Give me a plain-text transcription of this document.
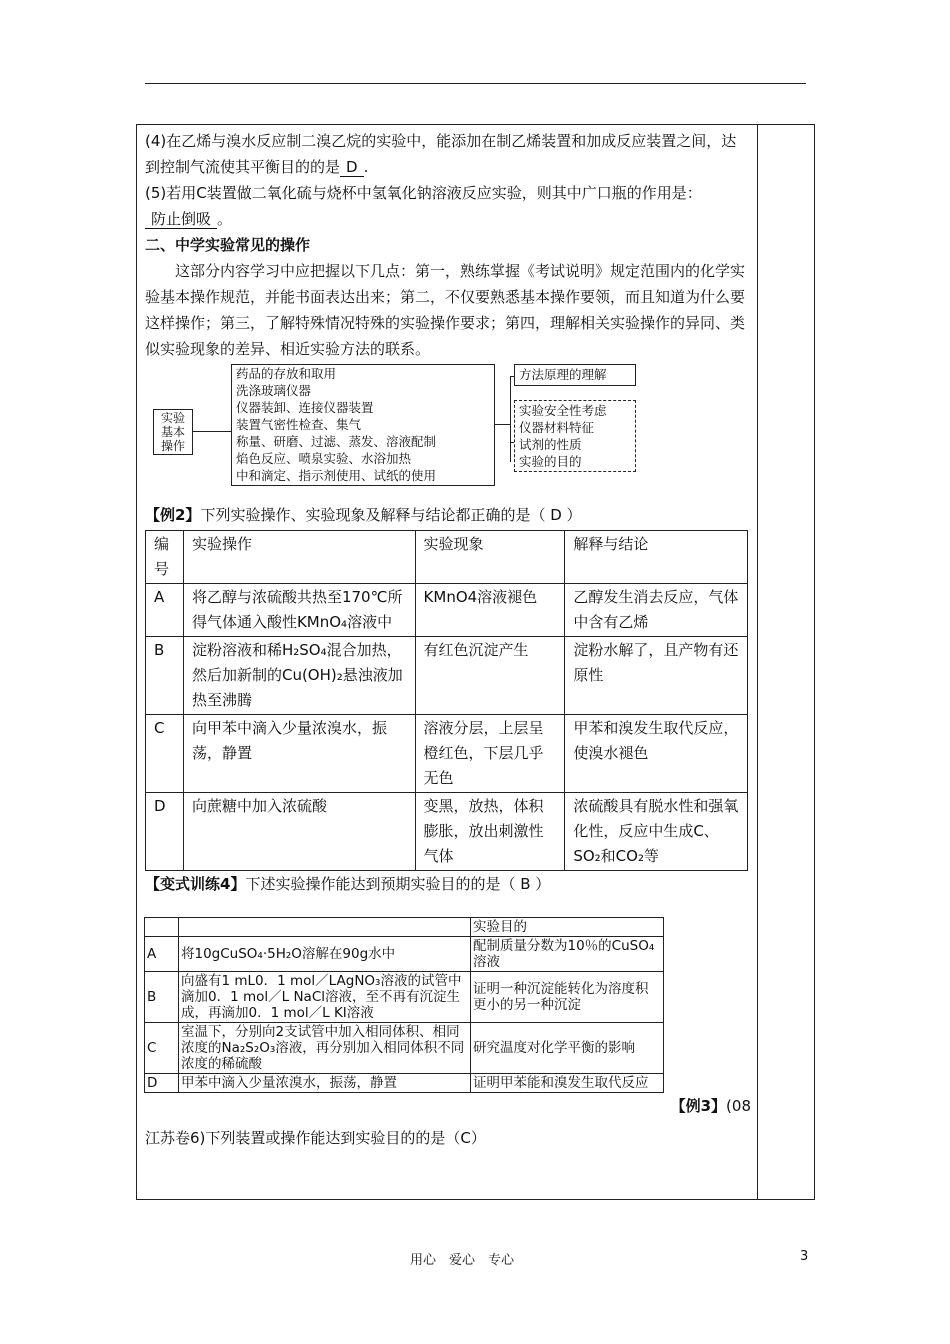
(4)在乙烯与溴水反应制二溴乙烷的实验中，能添加在制乙烯装置和加成反应装置之间，达到控制气流使其平衡目的的是 D .

(5)若用C装置做二氧化硫与烧杯中氢氧化钠溶液反应实验，则其中广口瓶的作用是：防止倒吸 。

二、中学实验常见的操作

这部分内容学习中应把握以下几点：第一，熟练掌握《考试说明》规定范围内的化学实验基本操作规范，并能书面表达出来；第二，不仅要熟悉基本操作要领，而且知道为什么要这样操作；第三，了解特殊情况特殊的实验操作要求；第四，理解相关实验操作的异同、类似实验现象的差异、相近实验方法的联系。

实验基本操作
药品的存放和取用
洗涤玻璃仪器
仪器装卸、连接仪器装置
装置气密性检查、集气
称量、研磨、过滤、蒸发、溶液配制
焰色反应、喷泉实验、水浴加热
中和滴定、指示剂使用、试纸的使用
方法原理的理解
实验安全性考虑
仪器材料特征
试剂的性质
实验的目的

【例2】下列实验操作、实验现象及解释与结论都正确的是（ D ）

编号	实验操作	实验现象	解释与结论
A	将乙醇与浓硫酸共热至170℃所得气体通入酸性KMnO₄溶液中	KMnO4溶液褪色	乙醇发生消去反应，气体中含有乙烯
B	淀粉溶液和稀H₂SO₄混合加热，然后加新制的Cu(OH)₂悬浊液加热至沸腾	有红色沉淀产生	淀粉水解了，且产物有还原性
C	向甲苯中滴入少量浓溴水，振荡，静置	溶液分层，上层呈橙红色，下层几乎无色	甲苯和溴发生取代反应，使溴水褪色
D	向蔗糖中加入浓硫酸	变黑，放热，体积膨胀，放出刺激性气体	浓硫酸具有脱水性和强氧化性，反应中生成C、SO₂和CO₂等

【变式训练4】下述实验操作能达到预期实验目的的是（ B ）

		实验目的
A	将10gCuSO₄·5H₂O溶解在90g水中	配制质量分数为10％的CuSO₄溶液
B	向盛有1 mL0．1 mol／LAgNO₃溶液的试管中滴加0．1 mol／L NaCl溶液，至不再有沉淀生成，再滴加0．1 mol／L KI溶液	证明一种沉淀能转化为溶度积更小的另一种沉淀
C	室温下，分别向2支试管中加入相同体积、相同浓度的Na₂S₂O₃溶液，再分别加入相同体积不同浓度的稀硫酸	研究温度对化学平衡的影响
D	甲苯中滴入少量浓溴水，振荡，静置	证明甲苯能和溴发生取代反应

【例3】(08

江苏卷6)下列装置或操作能达到实验目的的是（C）

用心　爱心　专心	3
